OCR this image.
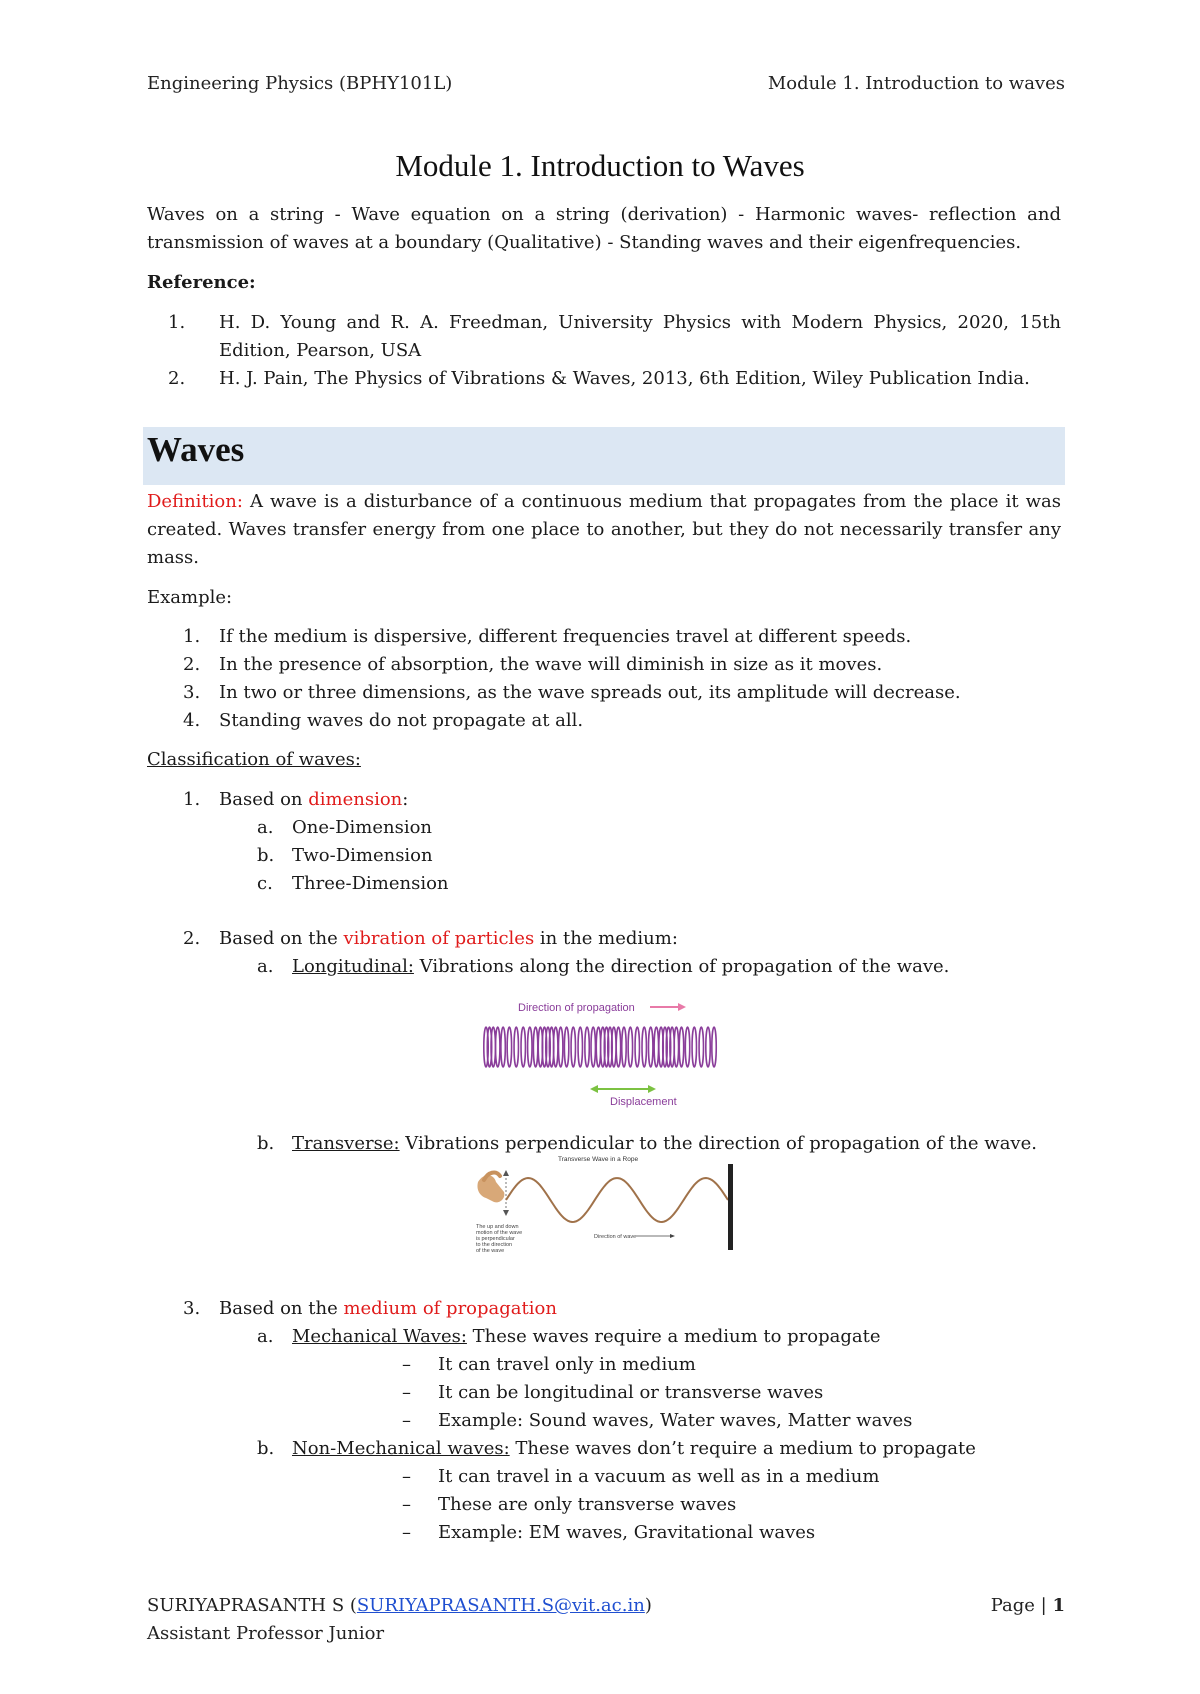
Engineering Physics (BPHY101L)	Module 1. Introduction to waves
Module 1. Introduction to Waves
Waves on a string - Wave equation on a string (derivation) - Harmonic waves- reflection and
transmission of waves at a boundary (Qualitative) - Standing waves and their eigenfrequencies.
Reference:
1. H. D. Young and R. A. Freedman, University Physics with Modern Physics, 2020, 15th
Edition, Pearson, USA
2. H. J. Pain, The Physics of Vibrations & Waves, 2013, 6th Edition, Wiley Publication India.
Waves
Definition: A wave is a disturbance of a continuous medium that propagates from the place it was
created. Waves transfer energy from one place to another, but they do not necessarily transfer any
mass.
Example:
1. If the medium is dispersive, different frequencies travel at different speeds.
2. In the presence of absorption, the wave will diminish in size as it moves.
3. In two or three dimensions, as the wave spreads out, its amplitude will decrease.
4. Standing waves do not propagate at all.
Classification of waves:
1. Based on dimension:
a. One-Dimension
b. Two-Dimension
c. Three-Dimension
2. Based on the vibration of particles in the medium:
a. Longitudinal: Vibrations along the direction of propagation of the wave.
Direction of propagation
Displacement
b. Transverse: Vibrations perpendicular to the direction of propagation of the wave.
Transverse Wave in a Rope
The up and down
motion of the wave
is perpendicular
to the direction
of the wave
Direction of wave
3. Based on the medium of propagation
a. Mechanical Waves: These waves require a medium to propagate
– It can travel only in medium
– It can be longitudinal or transverse waves
– Example: Sound waves, Water waves, Matter waves
b. Non-Mechanical waves: These waves don’t require a medium to propagate
– It can travel in a vacuum as well as in a medium
– These are only transverse waves
– Example: EM waves, Gravitational waves
SURIYAPRASANTH S (SURIYAPRASANTH.S@vit.ac.in)
Assistant Professor Junior
Page | 1
